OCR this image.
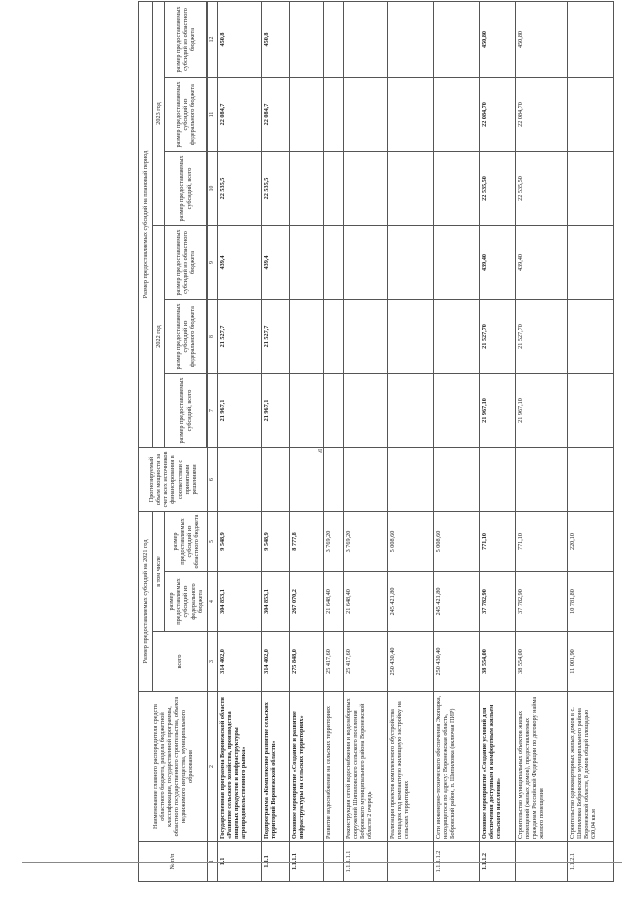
ч
№ п/п	Наименование главного распорядителя средств областного бюджета, раздела бюджетной классификации, государственной программы, областного государственного строительства, объекта недвижимого имущества, муниципального образования	Размер предоставляемых субсидий на 2021 год			Прогнозируемый объем мощности за счет всех источников финансирования в соответствии с принятыми решениями	Размер предоставляемых субсидий на плановый период					
		всего	в том числе			2022 год			2023 год		
			размер предоставляемых субсидий из федерального бюджета	размер предоставляемых субсидий из областного бюджета		размер предоставляемых субсидий, всего	размер предоставляемых субсидий из федерального бюджета	размер предоставляемых субсидий из областного бюджета	размер предоставляемых субсидий, всего	размер предоставляемых субсидий из федерального бюджета	размер предоставляемых субсидий из областного бюджета

1	2	3	4	5	6	7	8	9	10	11	12
1.1	Государственная программа Воронежской области «Развитие сельского хозяйства, производства пищевых продуктов и инфраструктуры агропродовольственного рынка»	314 402,0	304 853,1	9 548,9		21 967,1	21 527,7	439,4	22 535,5	22 084,7	450,8
1.1.1	Подпрограмма «Комплексное развитие сельских территорий Воронежской области»	314 402,0	304 853,1	9 548,9		21 967,1	21 527,7	439,4	22 535,5	22 084,7	450,8
1.1.1.1	Основное мероприятие «Создание и развитие инфраструктуры на сельских территориях»	275 848,0	267 070,2	8 777,8							
	Развитие водоснабжения на сельских территориях	25 417,60	21 648,40	3 769,20							
1.1.1.1.1	Реконструкция сетей водоснабжения и водозаборных сооружений Шипиловского сельского поселения Бобровского муниципального района Воронежской области 2 очередь	25 417,60	21 648,40	3 769,20							
	Реализация проектов комплексного обустройства площадок под компактную жилищную застройку на сельских территориях	250 430,40	245 421,80	5 008,60							
1.1.1.1.2	Сети инженерно-технического обеспечения Экопарка, находящегося по адресу: Воронежская область, Бобровский район, п. Шипиловка (включая ПИР)	250 430,40	245 421,80	5 008,60							
1.1.1.2	Основное мероприятие «Создание условий для обеспечения доступным и комфортным жильем сельского населения»	38 554,00	37 782,90	771,10		21 967,10	21 527,70	439,40	22 535,50	22 084,70	450,80
	Строительство муниципальных объектов жилых помещений (жилых домов), предоставляемых гражданам Российской Федерации по договору найма жилого помещения	38 554,00	37 782,90	771,10		21 967,10	21 527,70	439,40	22 535,50	22 084,70	450,80
1.1.2.1	Строительство одноквартирных жилых домов в с. Шипиловка Бобровского муниципального района Воронежской области, 8 домов общей площадью 630,04 кв.м	11 001,90	10 781,80	220,10							
